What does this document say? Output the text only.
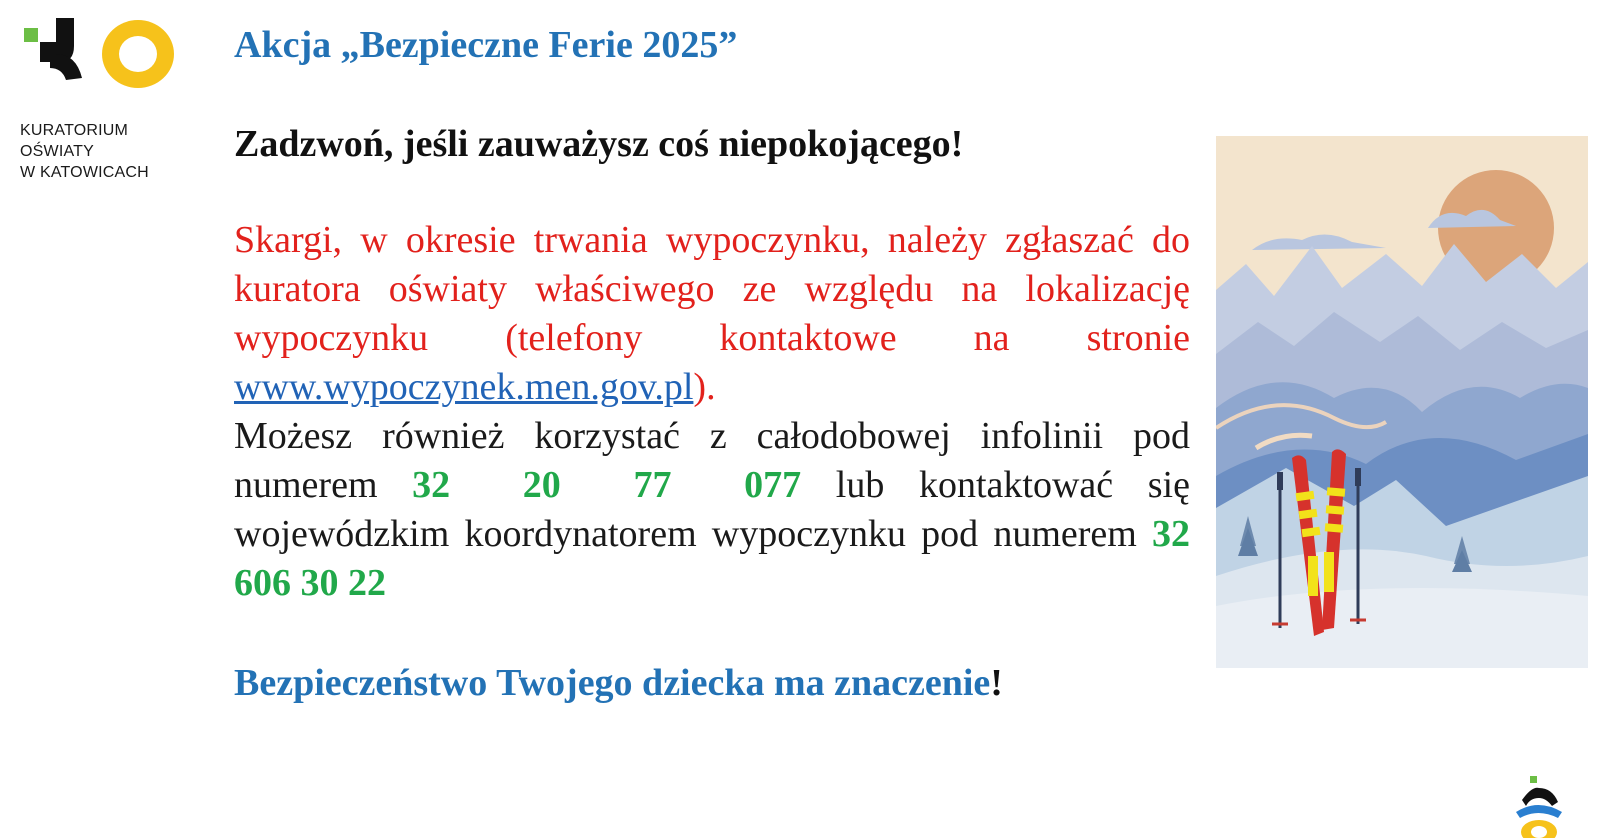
KURATORIUM
OŚWIATY
W KATOWICACH
Akcja „Bezpieczne Ferie 2025”
Zadzwoń, jeśli zauważysz coś niepokojącego!
Skargi, w okresie trwania wypoczynku, należy zgłaszać do kuratora oświaty właściwego ze względu na lokalizację wypoczynku (telefony kontaktowe na stronie www.wypoczynek.men.gov.pl).
Możesz również korzystać z całodobowej infolinii pod numerem 32 20 77 077 lub kontaktować się wojewódzkim koordynatorem wypoczynku pod numerem 32 606 30 22
Bezpieczeństwo Twojego dziecka ma znaczenie!
